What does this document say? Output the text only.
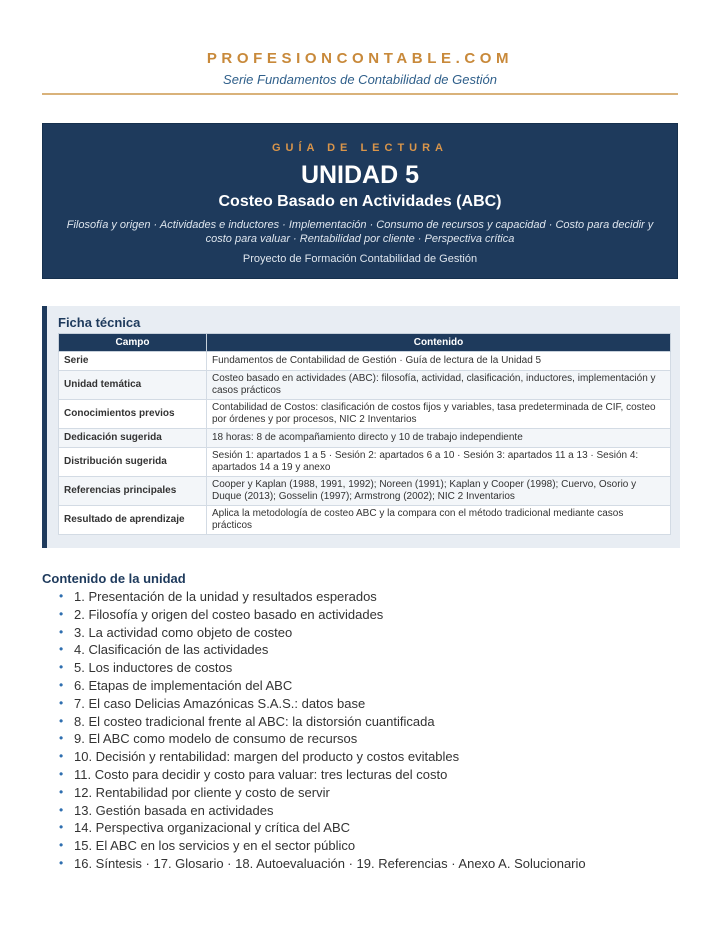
PROFESIONCONTABLE.COM
Serie Fundamentos de Contabilidad de Gestión
GUÍA DE LECTURA
UNIDAD 5
Costeo Basado en Actividades (ABC)
Filosofía y origen · Actividades e inductores · Implementación · Consumo de recursos y capacidad · Costo para decidir y costo para valuar · Rentabilidad por cliente · Perspectiva crítica
Proyecto de Formación Contabilidad de Gestión
Ficha técnica
Campo	Contenido
Serie	Fundamentos de Contabilidad de Gestión · Guía de lectura de la Unidad 5
Unidad temática	Costeo basado en actividades (ABC): filosofía, actividad, clasificación, inductores, implementación y casos prácticos
Conocimientos previos	Contabilidad de Costos: clasificación de costos fijos y variables, tasa predeterminada de CIF, costeo por órdenes y por procesos, NIC 2 Inventarios
Dedicación sugerida	18 horas: 8 de acompañamiento directo y 10 de trabajo independiente
Distribución sugerida	Sesión 1: apartados 1 a 5 · Sesión 2: apartados 6 a 10 · Sesión 3: apartados 11 a 13 · Sesión 4: apartados 14 a 19 y anexo
Referencias principales	Cooper y Kaplan (1988, 1991, 1992); Noreen (1991); Kaplan y Cooper (1998); Cuervo, Osorio y Duque (2013); Gosselin (1997); Armstrong (2002); NIC 2 Inventarios
Resultado de aprendizaje	Aplica la metodología de costeo ABC y la compara con el método tradicional mediante casos prácticos
Contenido de la unidad
• 1. Presentación de la unidad y resultados esperados
• 2. Filosofía y origen del costeo basado en actividades
• 3. La actividad como objeto de costeo
• 4. Clasificación de las actividades
• 5. Los inductores de costos
• 6. Etapas de implementación del ABC
• 7. El caso Delicias Amazónicas S.A.S.: datos base
• 8. El costeo tradicional frente al ABC: la distorsión cuantificada
• 9. El ABC como modelo de consumo de recursos
• 10. Decisión y rentabilidad: margen del producto y costos evitables
• 11. Costo para decidir y costo para valuar: tres lecturas del costo
• 12. Rentabilidad por cliente y costo de servir
• 13. Gestión basada en actividades
• 14. Perspectiva organizacional y crítica del ABC
• 15. El ABC en los servicios y en el sector público
• 16. Síntesis · 17. Glosario · 18. Autoevaluación · 19. Referencias · Anexo A. Solucionario
